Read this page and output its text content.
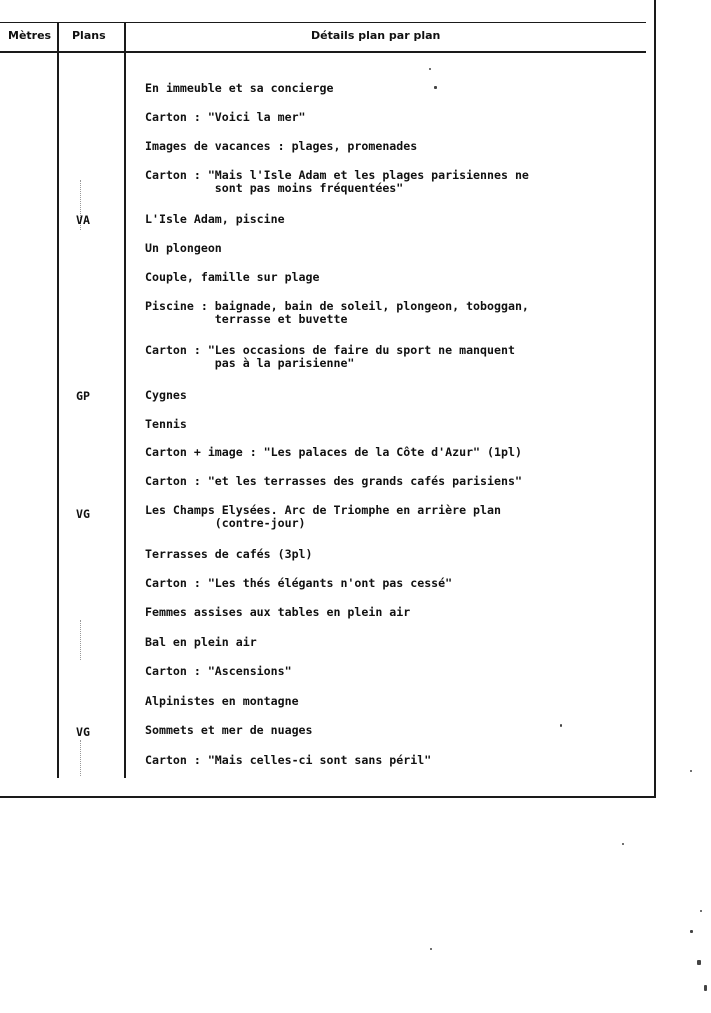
Mètres Plans	Détails plan par plan
VA
GP
VG
VG
En immeuble et sa concierge
Carton : "Voici la mer"
Images de vacances : plages, promenades
Carton : "Mais l'Isle Adam et les plages parisiennes ne
sont pas moins fréquentées"
L'Isle Adam, piscine
Un plongeon
Couple, famille sur plage
Piscine : baignade, bain de soleil, plongeon, toboggan,
terrasse et buvette
Carton : "Les occasions de faire du sport ne manquent
pas à la parisienne"
Cygnes
Tennis
Carton + image : "Les palaces de la Côte d'Azur" (1pl)
Carton : "et les terrasses des grands cafés parisiens"
Les Champs Elysées. Arc de Triomphe en arrière plan
(contre-jour)
Terrasses de cafés (3pl)
Carton : "Les thés élégants n'ont pas cessé"
Femmes assises aux tables en plein air
Bal en plein air
Carton : "Ascensions"
Alpinistes en montagne
Sommets et mer de nuages
Carton : "Mais celles-ci sont sans péril"
